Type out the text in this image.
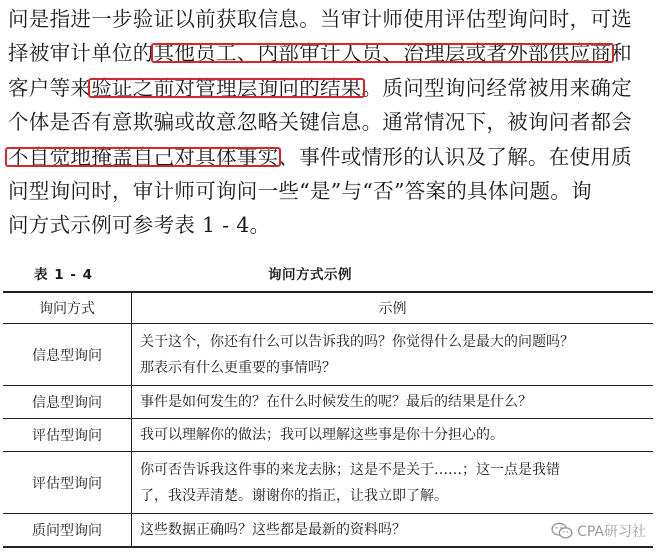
问是指进一步验证以前获取信息。当审计师使用评估型询问时，可选
择被审计单位的其他员工、内部审计人员、治理层或者外部供应商和
客户等来验证之前对管理层询问的结果。质问型询问经常被用来确定
个体是否有意欺骗或故意忽略关键信息。通常情况下，被询问者都会
不自觉地掩盖自己对具体事实、事件或情形的认识及了解。在使用质
问型询问时，审计师可询问一些“是”与“否”答案的具体问题。询
问方式示例可参考表 1 - 4。
表 1 - 4	询问方式示例
询问方式	示例
信息型询问	关于这个，你还有什么可以告诉我的吗？你觉得什么是最大的问题吗？
那表示有什么更重要的事情吗？

信息型询问	事件是如何发生的？在什么时候发生的呢？最后的结果是什么？

评估型询问	我可以理解你的做法；我可以理解这些事是你十分担心的。

评估型询问	你可否告诉我这件事的来龙去脉；这是不是关于……；这一点是我错
了，我没弄清楚。谢谢你的指正，让我立即了解。

质问型询问	这些数据正确吗？这些都是最新的资料吗？	CPA研习社
